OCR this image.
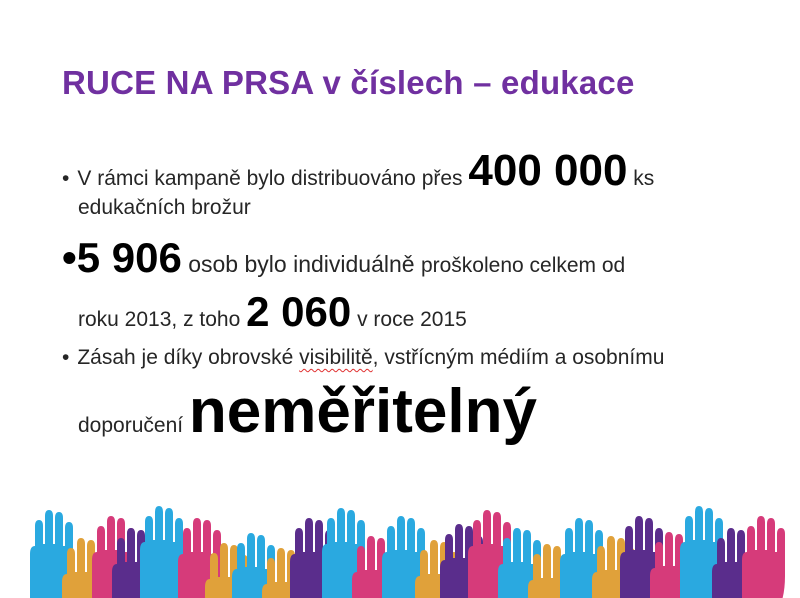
RUCE NA PRSA v číslech – edukace
• V rámci kampaně bylo distribuováno přes 400 000 ks
edukačních brožur
•5 906 osob bylo individuálně proškoleno celkem od
roku 2013, z toho 2 060 v roce 2015
• Zásah je díky obrovské visibilitě, vstřícným médiím a osobnímu
doporučení neměřitelný
